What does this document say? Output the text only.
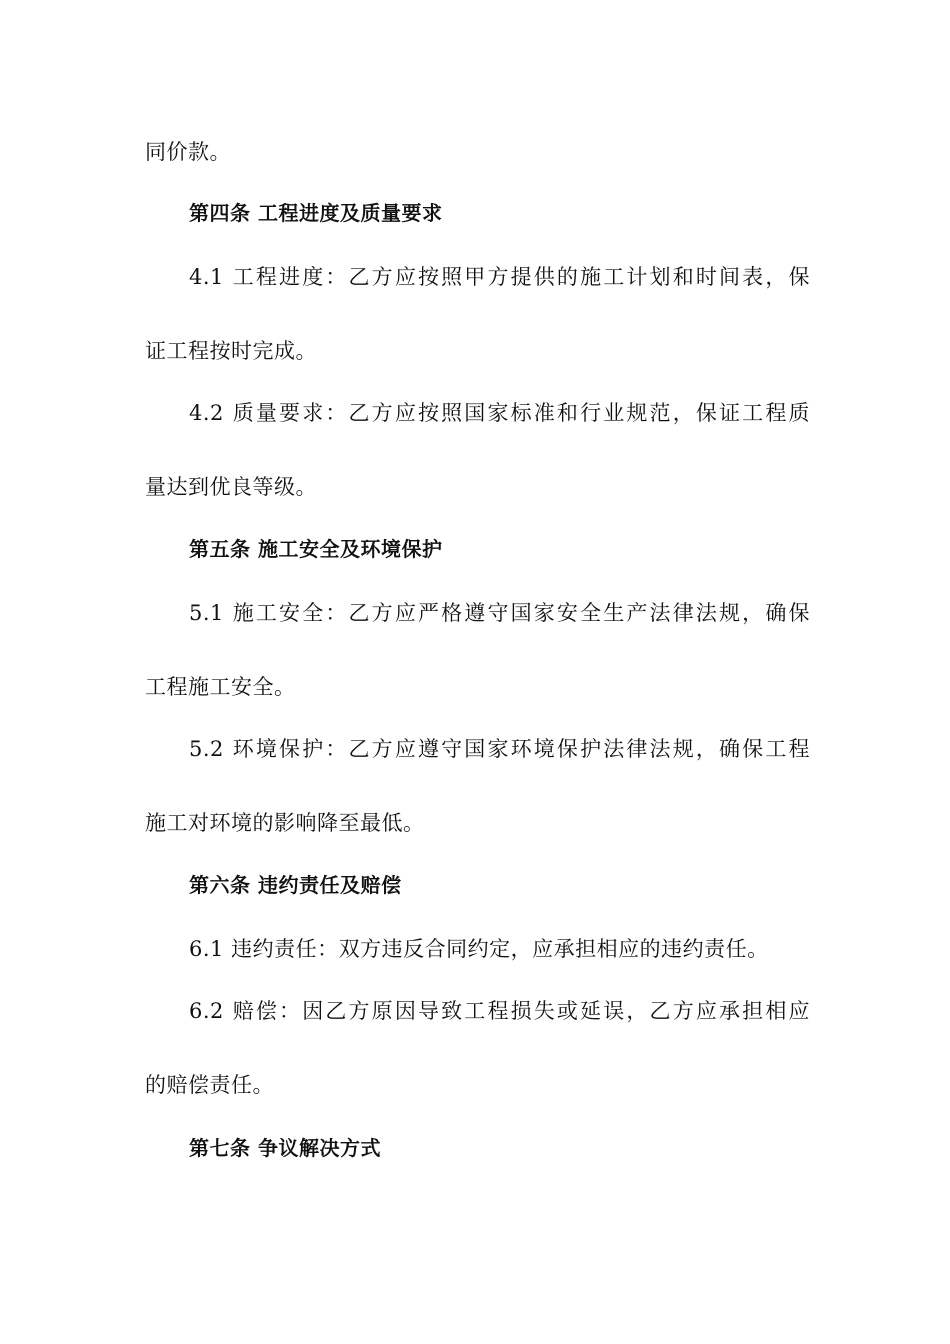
同价款。
第四条 工程进度及质量要求
4.1 工程进度：乙方应按照甲方提供的施工计划和时间表，保
证工程按时完成。
4.2 质量要求：乙方应按照国家标准和行业规范，保证工程质
量达到优良等级。
第五条 施工安全及环境保护
5.1 施工安全：乙方应严格遵守国家安全生产法律法规，确保
工程施工安全。
5.2 环境保护：乙方应遵守国家环境保护法律法规，确保工程
施工对环境的影响降至最低。
第六条 违约责任及赔偿
6.1 违约责任：双方违反合同约定，应承担相应的违约责任。
6.2 赔偿：因乙方原因导致工程损失或延误，乙方应承担相应
的赔偿责任。
第七条 争议解决方式
